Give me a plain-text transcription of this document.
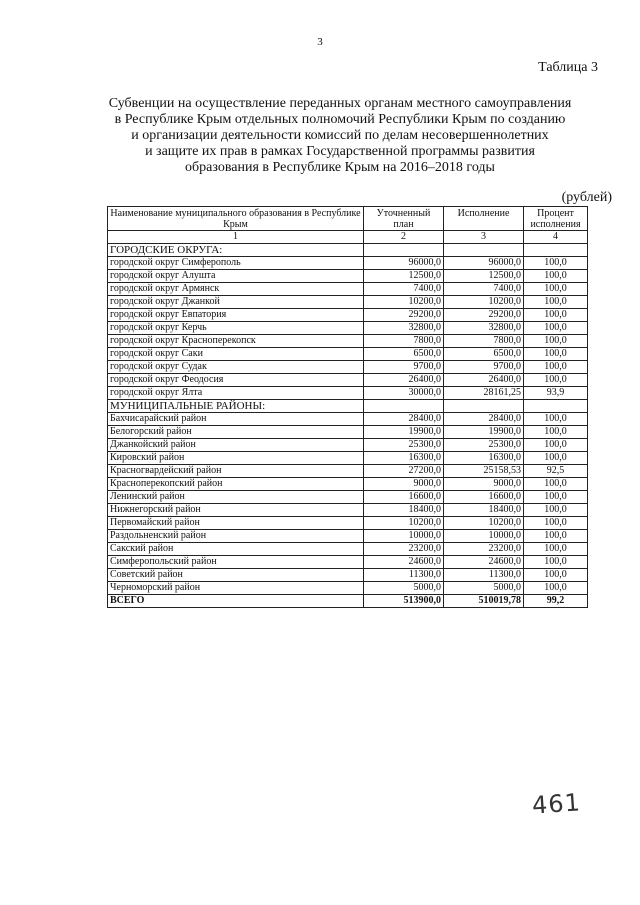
3
Таблица 3
Субвенции на осуществление переданных органам местного самоуправления
в Республике Крым отдельных полномочий Республики Крым по созданию
и организации деятельности комиссий по делам несовершеннолетних
и защите их прав в рамках Государственной программы развития
образования в Республике Крым на 2016–2018 годы
(рублей)
Наименование муниципального образования в Республике Крым	Уточненный план	Исполнение	Процент исполнения
1	2	3	4
ГОРОДСКИЕ ОКРУГА:			
городской округ Симферополь	96000,0	96000,0	100,0
городской округ Алушта	12500,0	12500,0	100,0
городской округ Армянск	7400,0	7400,0	100,0
городской округ Джанкой	10200,0	10200,0	100,0
городской округ Евпатория	29200,0	29200,0	100,0
городской округ Керчь	32800,0	32800,0	100,0
городской округ Красноперекопск	7800,0	7800,0	100,0
городской округ Саки	6500,0	6500,0	100,0
городской округ Судак	9700,0	9700,0	100,0
городской округ Феодосия	26400,0	26400,0	100,0
городской округ Ялта	30000,0	28161,25	93,9
МУНИЦИПАЛЬНЫЕ РАЙОНЫ:			
Бахчисарайский район	28400,0	28400,0	100,0
Белогорский район	19900,0	19900,0	100,0
Джанкойский район	25300,0	25300,0	100,0
Кировский район	16300,0	16300,0	100,0
Красногвардейский район	27200,0	25158,53	92,5
Красноперекопский район	9000,0	9000,0	100,0
Ленинский район	16600,0	16600,0	100,0
Нижнегорский район	18400,0	18400,0	100,0
Первомайский район	10200,0	10200,0	100,0
Раздольненский район	10000,0	10000,0	100,0
Сакский район	23200,0	23200,0	100,0
Симферопольский район	24600,0	24600,0	100,0
Советский район	11300,0	11300,0	100,0
Черноморский район	5000,0	5000,0	100,0
ВСЕГО	513900,0	510019,78	99,2
461
